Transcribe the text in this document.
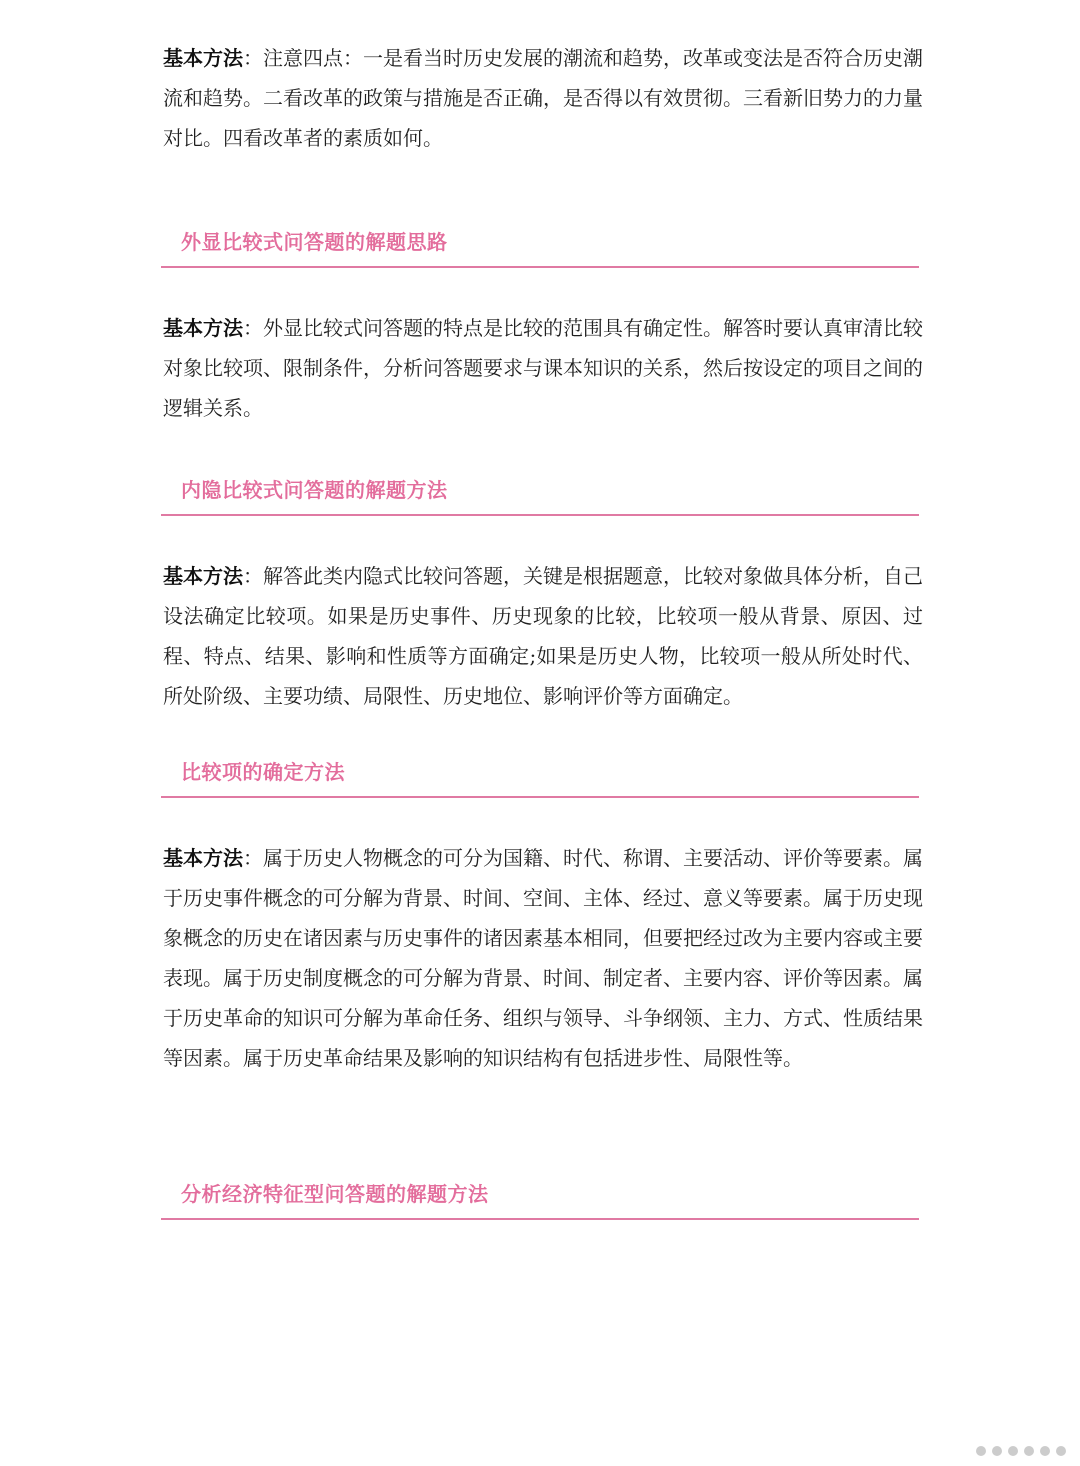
基本方法：注意四点：一是看当时历史发展的潮流和趋势，改革或变法是否符合历史潮流和趋势。二看改革的政策与措施是否正确，是否得以有效贯彻。三看新旧势力的力量对比。四看改革者的素质如何。

外显比较式问答题的解题思路

基本方法：外显比较式问答题的特点是比较的范围具有确定性。解答时要认真审清比较对象比较项、限制条件，分析问答题要求与课本知识的关系，然后按设定的项目之间的逻辑关系。

内隐比较式问答题的解题方法

基本方法：解答此类内隐式比较问答题，关键是根据题意，比较对象做具体分析，自己设法确定比较项。如果是历史事件、历史现象的比较，比较项一般从背景、原因、过程、特点、结果、影响和性质等方面确定;如果是历史人物，比较项一般从所处时代、所处阶级、主要功绩、局限性、历史地位、影响评价等方面确定。

比较项的确定方法

基本方法：属于历史人物概念的可分为国籍、时代、称谓、主要活动、评价等要素。属于历史事件概念的可分解为背景、时间、空间、主体、经过、意义等要素。属于历史现象概念的历史在诸因素与历史事件的诸因素基本相同，但要把经过改为主要内容或主要表现。属于历史制度概念的可分解为背景、时间、制定者、主要内容、评价等因素。属于历史革命的知识可分解为革命任务、组织与领导、斗争纲领、主力、方式、性质结果等因素。属于历史革命结果及影响的知识结构有包括进步性、局限性等。

分析经济特征型问答题的解题方法
